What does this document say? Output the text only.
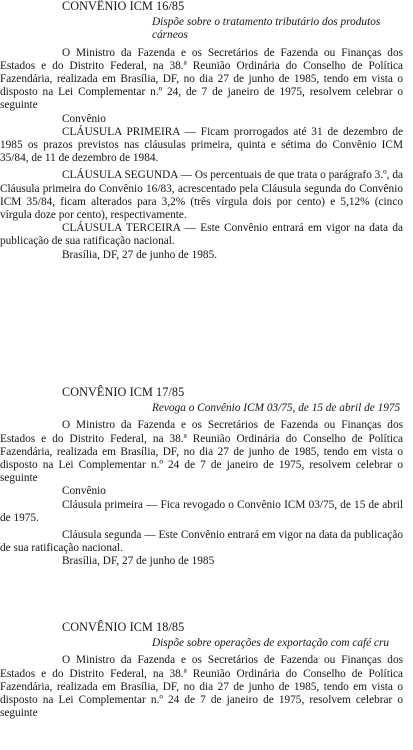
CONVÊNIO ICM 16/85
Dispõe sobre o tratamento tributário dos produtos cárneos
O Ministro da Fazenda e os Secretários de Fazenda ou Finanças dos Estados e do Distrito Federal, na 38.ª Reunião Ordinária do Conselho de Política Fazendária, realizada em Brasília, DF, no dia 27 de junho de 1985, tendo em vista o disposto na Lei Complementar n.º 24, de 7 de janeiro de 1975, resolvem celebrar o seguinte
Convênio
CLÁUSULA PRIMEIRA — Ficam prorrogados até 31 de dezembro de 1985 os prazos previstos nas cláusulas primeira, quinta e sétima do Convênio ICM 35/84, de 11 de dezembro de 1984.
CLÁUSULA SEGUNDA — Os percentuais de que trata o parágrafo 3.º, da Cláusula primeira do Convênio 16/83, acrescentado pela Cláusula segunda do Convênio ICM 35/84, ficam alterados para 3,2% (três vírgula dois por cento) e 5,12% (cinco vírgula doze por cento), respectivamente.
CLÁUSULA TERCEIRA — Este Convênio entrará em vigor na data da publicação de sua ratificação nacional.
Brasília, DF, 27 de junho de 1985.
CONVÊNIO ICM 17/85
Revoga o Convênio ICM 03/75, de 15 de abril de 1975
O Ministro da Fazenda e os Secretários de Fazenda ou Finanças dos Estados e do Distrito Federal, na 38.ª Reunião Ordinária do Conselho de Política Fazendária, realizada em Brasília, DF, no dia 27 de junho de 1985, tendo em vista o disposto na Lei Complementar n.º 24 de 7 de janeiro de 1975, resolvem celebrar o seguinte
Convênio
Cláusula primeira — Fica revogado o Convênio ICM 03/75, de 15 de abril de 1975.
Cláusula segunda — Este Convênio entrará em vigor na data da publicação de sua ratificação nacional.
Brasília, DF, 27 de junho de 1985
CONVÊNIO ICM 18/85
Dispõe sobre operações de exportação com café cru
O Ministro da Fazenda e os Secretários de Fazenda ou Finanças dos Estados e do Distrito Federal, na 38.ª Reunião Ordinária do Conselho de Política Fazendária, realizada em Brasília, DF, no dia 27 de junho de 1985, tendo em vista o disposto na Lei Complementar n.º 24 de 7 de janeiro de 1975, resolvem celebrar o seguinte
